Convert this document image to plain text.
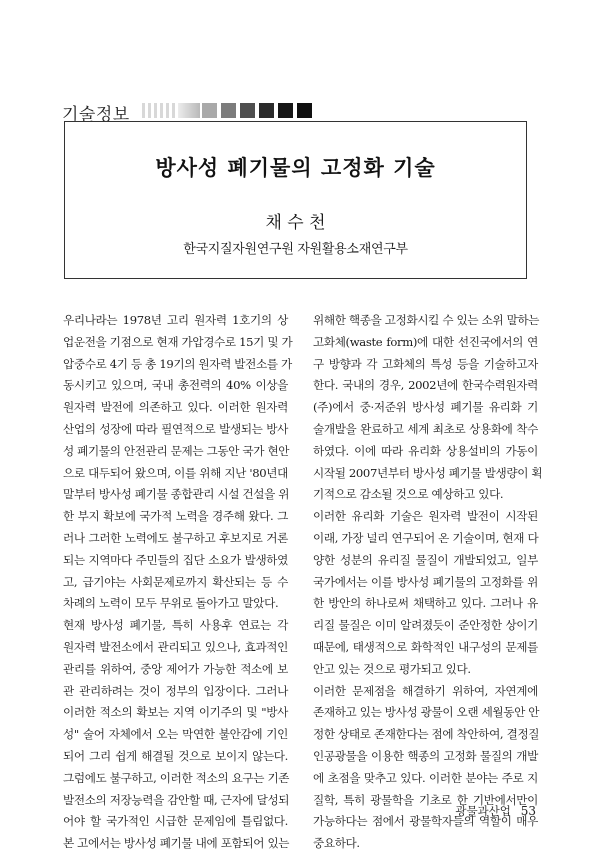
기술정보
방사성 폐기물의 고정화 기술
채 수 천
한국지질자원연구원 자원활용소재연구부
우리나라는 1978년 고리 원자력 1호기의 상
업운전을 기점으로 현재 가압경수로 15기 및 가
압중수로 4기 등 총 19기의 원자력 발전소를 가
동시키고 있으며, 국내 총전력의 40% 이상을
원자력 발전에 의존하고 있다. 이러한 원자력
산업의 성장에 따라 필연적으로 발생되는 방사
성 폐기물의 안전관리 문제는 그동안 국가 현안
으로 대두되어 왔으며, 이를 위해 지난 '80년대
말부터 방사성 폐기물 종합관리 시설 건설을 위
한 부지 확보에 국가적 노력을 경주해 왔다. 그
러나 그러한 노력에도 불구하고 후보지로 거론
되는 지역마다 주민들의 집단 소요가 발생하였
고, 급기야는 사회문제로까지 확산되는 등 수
차례의 노력이 모두 무위로 돌아가고 말았다.
현재 방사성 폐기물, 특히 사용후 연료는 각
원자력 발전소에서 관리되고 있으나, 효과적인
관리를 위하여, 중앙 제어가 가능한 적소에 보
관 관리하려는 것이 정부의 입장이다. 그러나
이러한 적소의 확보는 지역 이기주의 및 "방사
성" 술어 자체에서 오는 막연한 불안감에 기인
되어 그리 쉽게 해결될 것으로 보이지 않는다.
그럼에도 불구하고, 이러한 적소의 요구는 기존
발전소의 저장능력을 감안할 때, 근자에 달성되
어야 할 국가적인 시급한 문제임에 틀림없다.
본 고에서는 방사성 폐기물 내에 포함되어 있는
위해한 핵종을 고정화시킬 수 있는 소위 말하는
고화체(waste form)에 대한 선진국에서의 연
구 방향과 각 고화체의 특성 등을 기술하고자
한다. 국내의 경우, 2002년에 한국수력원자력
(주)에서 중·저준위 방사성 폐기물 유리화 기
술개발을 완료하고 세계 최초로 상용화에 착수
하였다. 이에 따라 유리화 상용설비의 가동이
시작될 2007년부터 방사성 폐기물 발생량이 획
기적으로 감소될 것으로 예상하고 있다.
이러한 유리화 기술은 원자력 발전이 시작된
이래, 가장 널리 연구되어 온 기술이며, 현재 다
양한 성분의 유리질 물질이 개발되었고, 일부
국가에서는 이를 방사성 폐기물의 고정화를 위
한 방안의 하나로써 채택하고 있다. 그러나 유
리질 물질은 이미 알려졌듯이 준안정한 상이기
때문에, 태생적으로 화학적인 내구성의 문제를
안고 있는 것으로 평가되고 있다.
이러한 문제점을 해결하기 위하여, 자연계에
존재하고 있는 방사성 광물이 오랜 세월동안 안
정한 상태로 존재한다는 점에 착안하여, 결정질
인공광물을 이용한 핵종의 고정화 물질의 개발
에 초점을 맞추고 있다. 이러한 분야는 주로 지
질학, 특히 광물학을 기초로 한 기반에서만이
가능하다는 점에서 광물학자들의 역할이 매우
중요하다.
광물과산업 53
